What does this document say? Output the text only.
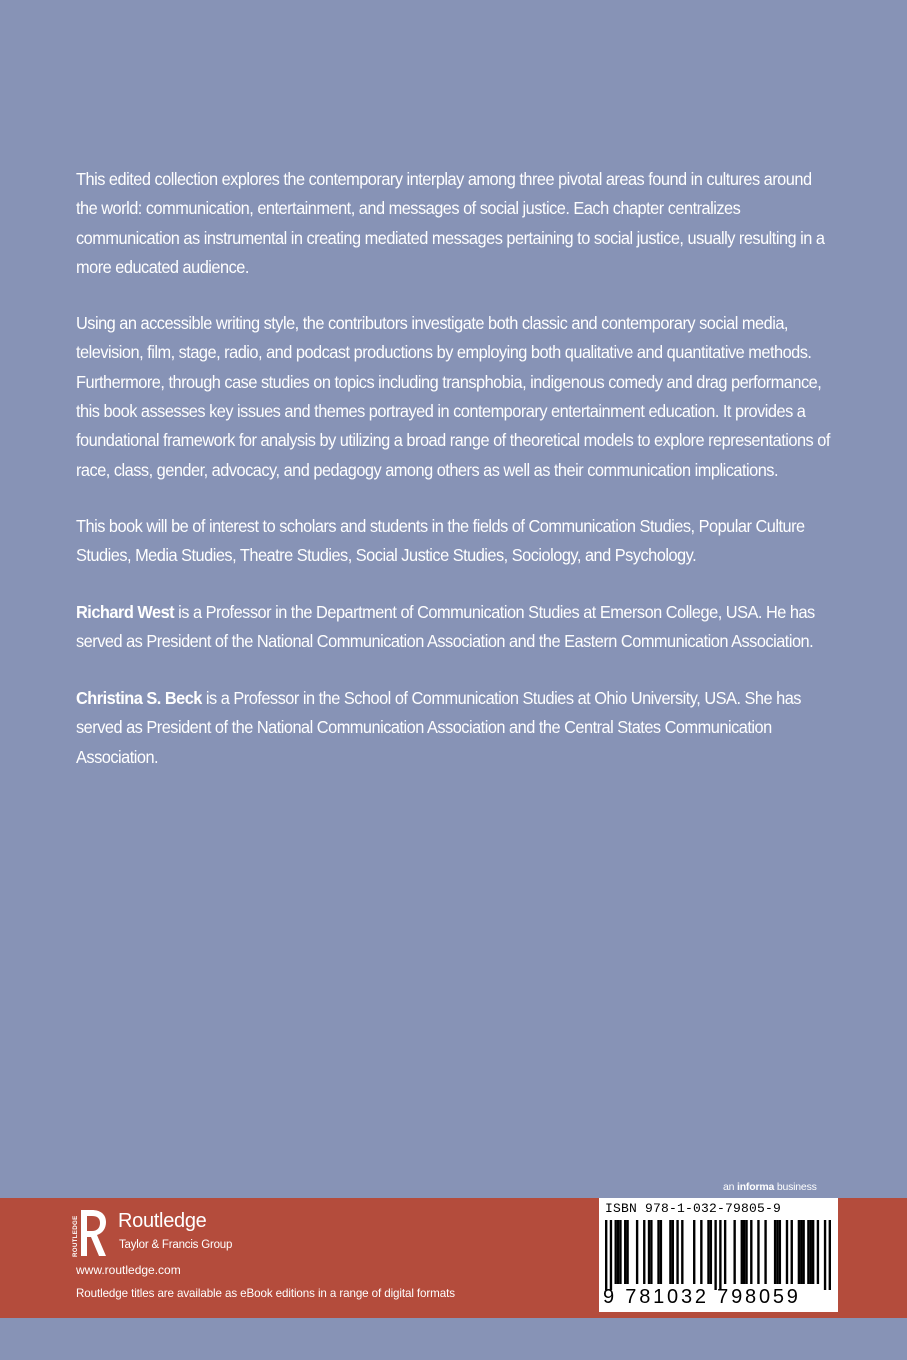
This edited collection explores the contemporary interplay among three pivotal areas found in cultures around the world: communication, entertainment, and messages of social justice. Each chapter centralizes communication as instrumental in creating mediated messages pertaining to social justice, usually resulting in a more educated audience.

Using an accessible writing style, the contributors investigate both classic and contemporary social media, television, film, stage, radio, and podcast productions by employing both qualitative and quantitative methods. Furthermore, through case studies on topics including transphobia, indigenous comedy and drag performance, this book assesses key issues and themes portrayed in contemporary entertainment education. It provides a foundational framework for analysis by utilizing a broad range of theoretical models to explore representations of race, class, gender, advocacy, and pedagogy among others as well as their communication implications.

This book will be of interest to scholars and students in the fields of Communication Studies, Popular Culture Studies, Media Studies, Theatre Studies, Social Justice Studies, Sociology, and Psychology.

Richard West is a Professor in the Department of Communication Studies at Emerson College, USA. He has served as President of the National Communication Association and the Eastern Communication Association.

Christina S. Beck is a Professor in the School of Communication Studies at Ohio University, USA. She has served as President of the National Communication Association and the Central States Communication Association.

an informa business
ROUTLEDGE Routledge
Taylor & Francis Group
www.routledge.com
Routledge titles are available as eBook editions in a range of digital formats
ISBN 978-1-032-79805-9
9 781032 798059
